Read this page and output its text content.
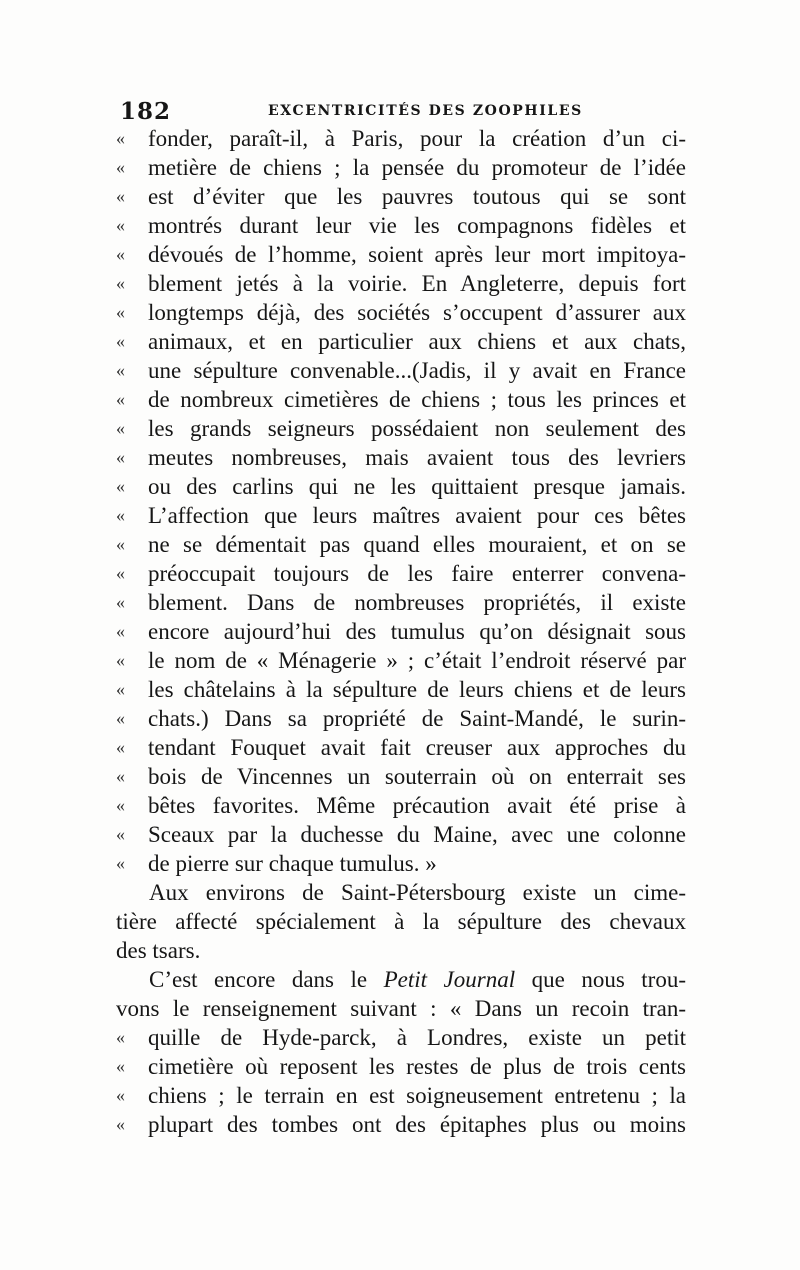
182	EXCENTRICITÉS DES ZOOPHILES
«	fonder, paraît-il, à Paris, pour la création d’un ci-
«	metière de chiens ; la pensée du promoteur de l’idée
«	est d’éviter que les pauvres toutous qui se sont
«	montrés durant leur vie les compagnons fidèles et
«	dévoués de l’homme, soient après leur mort impitoya-
«	blement jetés à la voirie. En Angleterre, depuis fort
«	longtemps déjà, des sociétés s’occupent d’assurer aux
«	animaux, et en particulier aux chiens et aux chats,
«	une sépulture convenable...(Jadis, il y avait en France
«	de nombreux cimetières de chiens ; tous les princes et
«	les grands seigneurs possédaient non seulement des
«	meutes nombreuses, mais avaient tous des levriers
«	ou des carlins qui ne les quittaient presque jamais.
«	L’affection que leurs maîtres avaient pour ces bêtes
«	ne se démentait pas quand elles mouraient, et on se
«	préoccupait toujours de les faire enterrer convena-
«	blement. Dans de nombreuses propriétés, il existe
«	encore aujourd’hui des tumulus qu’on désignait sous
«	le nom de « Ménagerie » ; c’était l’endroit réservé par
«	les châtelains à la sépulture de leurs chiens et de leurs
«	chats.) Dans sa propriété de Saint-Mandé, le surin-
«	tendant Fouquet avait fait creuser aux approches du
«	bois de Vincennes un souterrain où on enterrait ses
«	bêtes favorites. Même précaution avait été prise à
«	Sceaux par la duchesse du Maine, avec une colonne
«	de pierre sur chaque tumulus. »
Aux environs de Saint-Pétersbourg existe un cime-
tière affecté spécialement à la sépulture des chevaux
des tsars.
C’est encore dans le Petit Journal que nous trou-
vons le renseignement suivant : « Dans un recoin tran-
«	quille de Hyde-parck, à Londres, existe un petit
«	cimetière où reposent les restes de plus de trois cents
«	chiens ; le terrain en est soigneusement entretenu ; la
«	plupart des tombes ont des épitaphes plus ou moins
